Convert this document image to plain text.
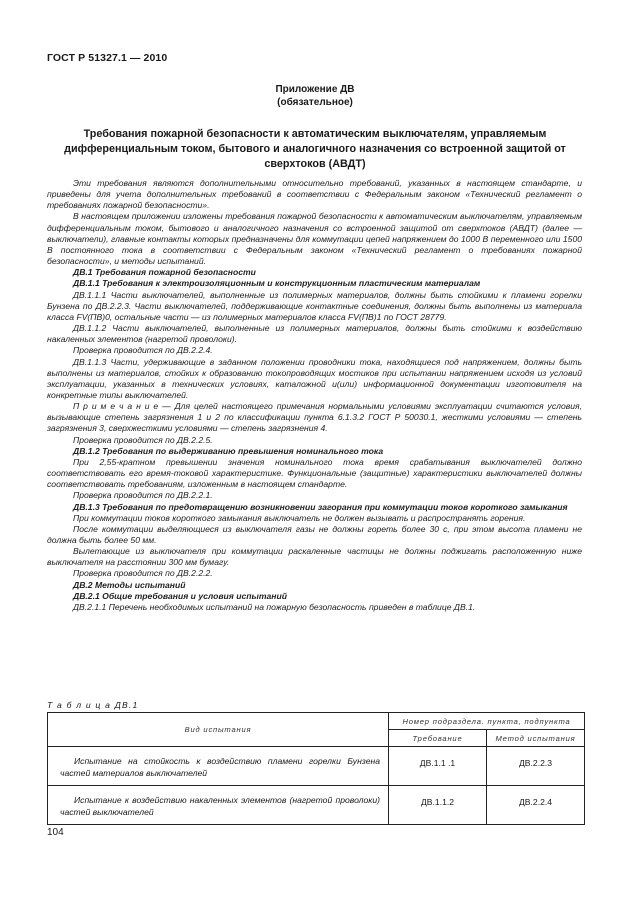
ГОСТ Р 51327.1 — 2010
Приложение ДВ
(обязательное)
Требования пожарной безопасности к автоматическим выключателям, управляемым дифференциальным током, бытового и аналогичного назначения со встроенной защитой от сверхтоков (АВДТ)

Эти требования являются дополнительными относительно требований, указанных в настоящем стандарте, и приведены для учета дополнительных требований в соответствии с Федеральным законом «Технический регламент о требованиях пожарной безопасности».

В настоящем приложении изложены требования пожарной безопасности к автоматическим выключателям, управляемым дифференциальным током, бытового и аналогичного назначения со встроенной защитой от сверхтоков (АВДТ) (далее — выключатели), главные контакты которых предназначены для коммутации цепей напряжением до 1000 В переменного или 1500 В постоянного тока в соответствии с Федеральным законом «Технический регламент о требованиях пожарной безопасности», и методы испытаний.

ДВ.1 Требования пожарной безопасности

ДВ.1.1 Требования к электроизоляционным и конструкционным пластическим материалам

ДВ.1.1.1 Части выключателей, выполненные из полимерных материалов, должны быть стойкими к пламени горелки Бунзена по ДВ.2.2.3. Части выключателей, поддерживающие контактные соединения, должны быть выполнены из материала класса FV(ПВ)0, остальные части — из полимерных материалов класса FV(ПВ)1 по ГОСТ 28779.

ДВ.1.1.2 Части выключателей, выполненные из полимерных материалов, должны быть стойкими к воздействию накаленных элементов (нагретой проволоки).

Проверка проводится по ДВ.2.2.4.

ДВ.1.1.3 Части, удерживающие в заданном положении проводники тока, находящиеся под напряжением, должны быть выполнены из материалов, стойких к образованию токопроводящих мостиков при испытании напряжением исходя из условий эксплуатации, указанных в технических условиях, каталожной и(или) информационной документации изготовителя на конкретные типы выключателей.

П р и м е ч а н и е — Для целей настоящего примечания нормальными условиями эксплуатации считаются условия, вызывающие степень загрязнения 1 и 2 по классификации пункта 6.1.3.2 ГОСТ Р 50030.1, жесткими условиями — степень загрязнения 3, сверхжесткими условиями — степень загрязнения 4.

Проверка проводится по ДВ.2.2.5.

ДВ.1.2 Требования по выдерживанию превышения номинального тока

При 2,55-кратном превышении значения номинального тока время срабатывания выключателей должно соответствовать его время-токовой характеристике. Функциональные (защитные) характеристики выключателей должны соответствовать требованиям, изложенным в настоящем стандарте.

Проверка проводится по ДВ.2.2.1.

ДВ.1.3 Требования по предотвращению возникновении загорания при коммутации токов короткого замыкания

При коммутации токов короткого замыкания выключатель не должен вызывать и распространять горения.

После коммутации выделяющиеся из выключателя газы не должны гореть более 30 с, при этом высота пламени не должна быть более 50 мм.

Вылетающие из выключателя при коммутации раскаленные частицы не должны поджигать расположенную ниже выключателя на расстоянии 300 мм бумагу.

Проверка проводится по ДВ.2.2.2.

ДВ.2 Методы испытаний

ДВ.2.1 Общие требования и условия испытаний

ДВ.2.1.1 Перечень необходимых испытаний на пожарную безопасность приведен в таблице ДВ.1.

Т а б л и ц а ДВ.1
Вид испытания	Номер подраздела. пункта, подпункта	
	Требование	Метод испытания
Испытание на стойкость к воздействию пламени горелки Бунзена частей материалов выключателей	ДВ.1.1 .1	ДВ.2.2.3
Испытание к воздействию накаленных элементов (нагретой проволоки) частей выключателей	ДВ.1.1.2	ДВ.2.2.4
104
